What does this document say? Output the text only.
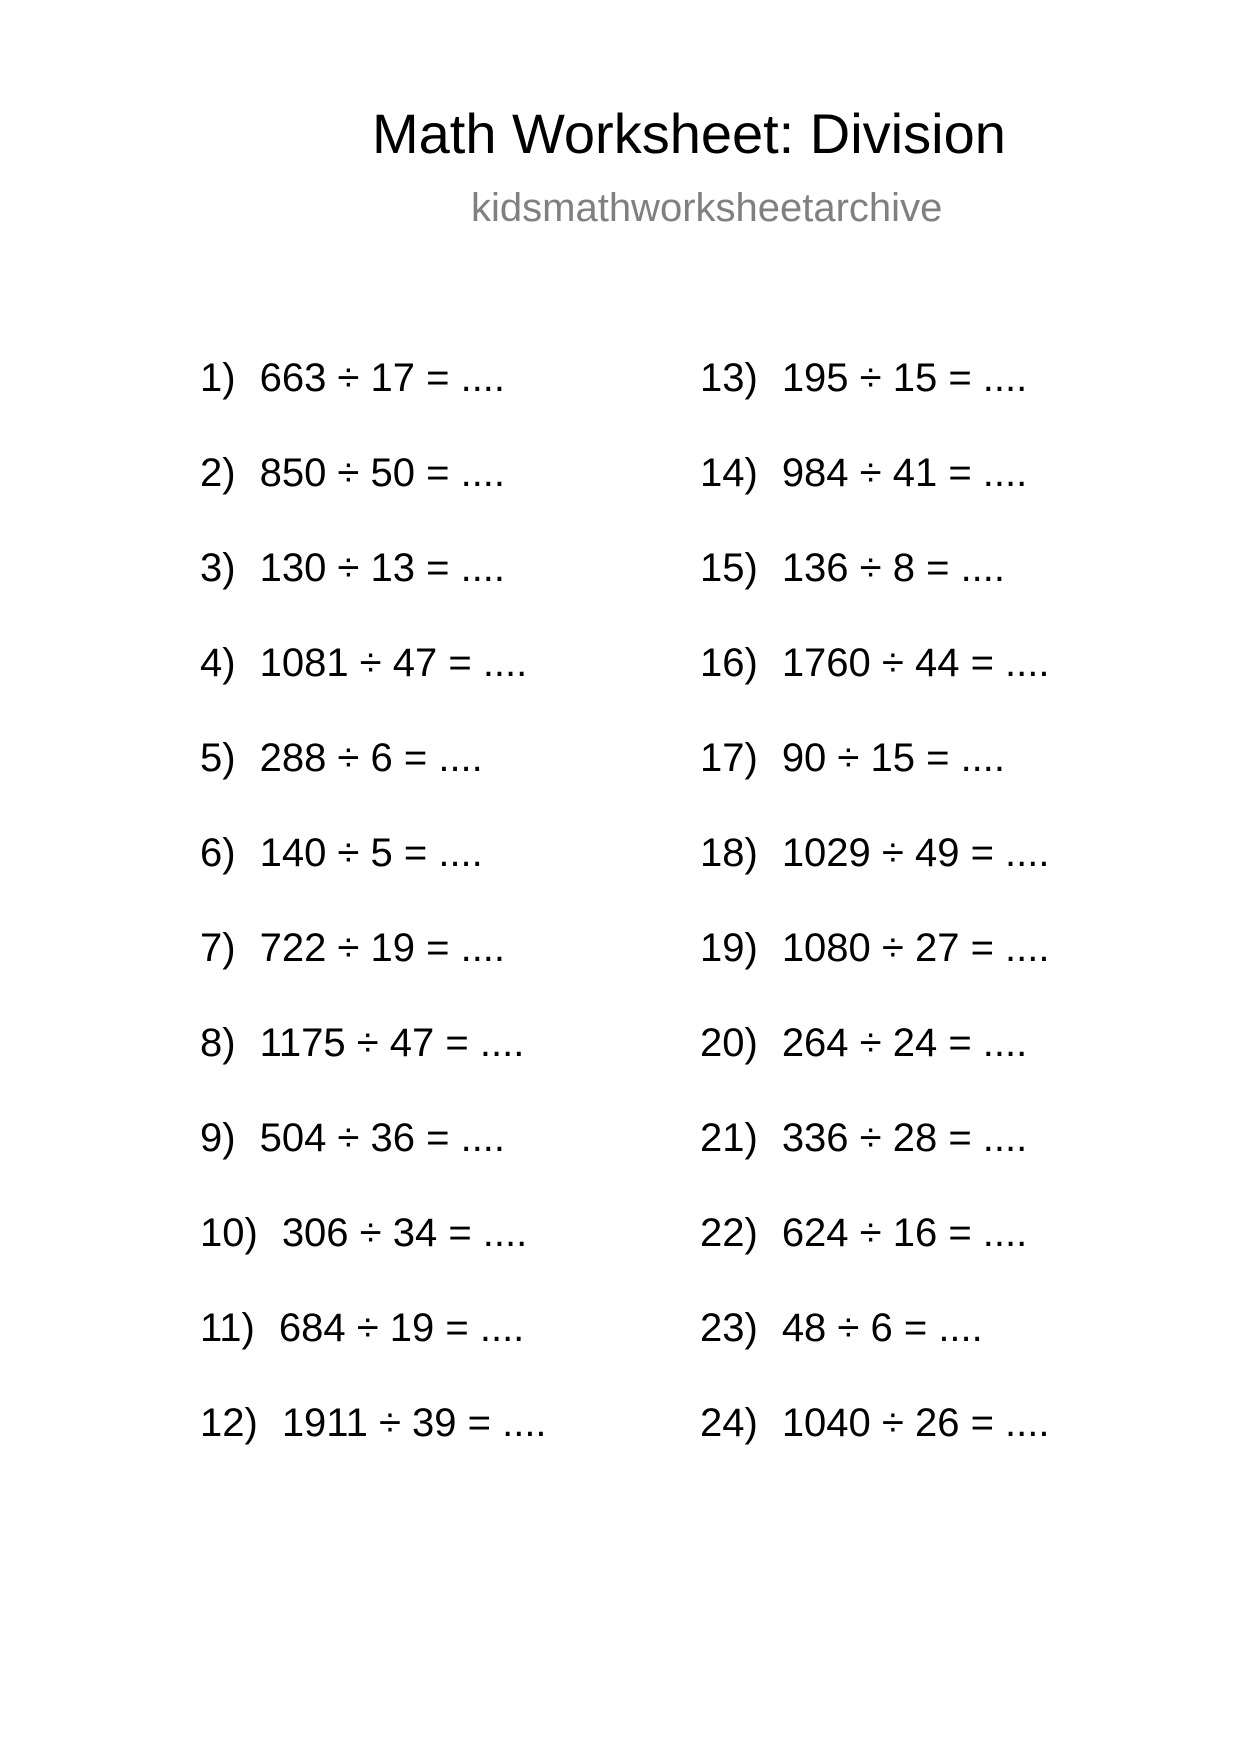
Math Worksheet: Division
kidsmathworksheetarchive
1) 663 ÷ 17 = ....
2) 850 ÷ 50 = ....
3) 130 ÷ 13 = ....
4) 1081 ÷ 47 = ....
5) 288 ÷ 6 = ....
6) 140 ÷ 5 = ....
7) 722 ÷ 19 = ....
8) 1175 ÷ 47 = ....
9) 504 ÷ 36 = ....
10) 306 ÷ 34 = ....
11) 684 ÷ 19 = ....
12) 1911 ÷ 39 = ....
13) 195 ÷ 15 = ....
14) 984 ÷ 41 = ....
15) 136 ÷ 8 = ....
16) 1760 ÷ 44 = ....
17) 90 ÷ 15 = ....
18) 1029 ÷ 49 = ....
19) 1080 ÷ 27 = ....
20) 264 ÷ 24 = ....
21) 336 ÷ 28 = ....
22) 624 ÷ 16 = ....
23) 48 ÷ 6 = ....
24) 1040 ÷ 26 = ....
